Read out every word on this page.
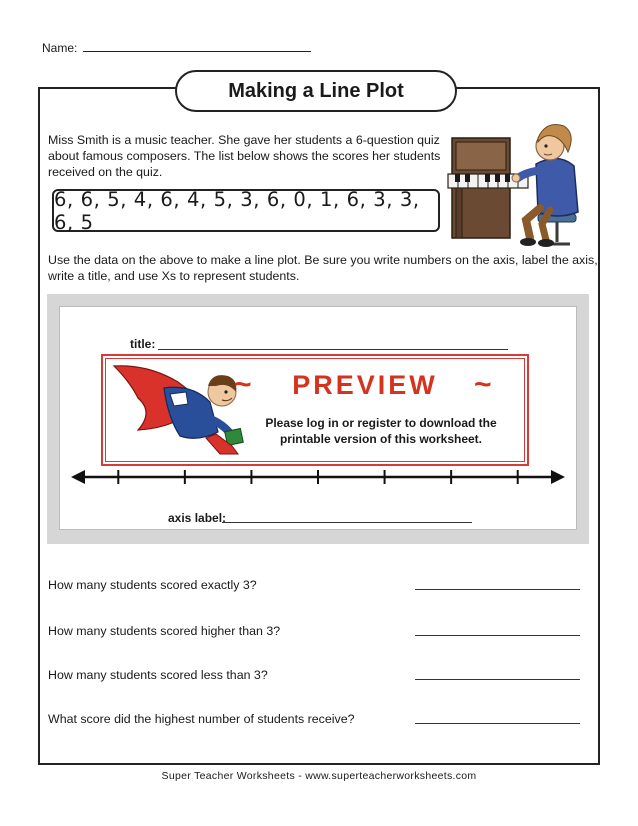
Name:
Making a Line Plot
Miss Smith is a music teacher. She gave her students a 6-question quiz about famous composers. The list below shows the scores her students received on the quiz.
6, 6, 5, 4, 6, 4, 5, 3, 6, 0, 1, 6, 3, 3, 6, 5
Use the data on the above to make a line plot. Be sure you write numbers on the axis, label the axis, write a title, and use Xs to represent students.
title:
axis label:
~	PREVIEW	~
Please log in or register to download the printable version of this worksheet.
How many students scored exactly 3?
How many students scored higher than 3?
How many students scored less than 3?
What score did the highest number of students receive?
Super Teacher Worksheets - www.superteacherworksheets.com
